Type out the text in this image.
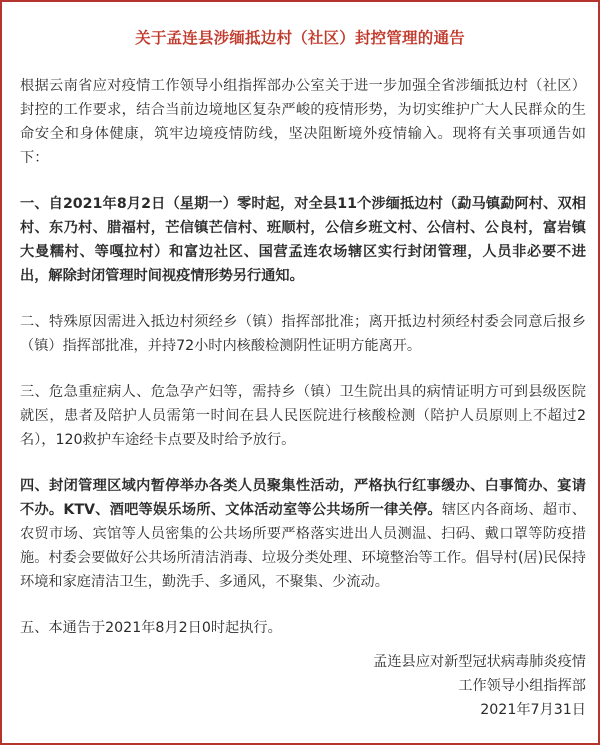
关于孟连县涉缅抵边村（社区）封控管理的通告

根据云南省应对疫情工作领导小组指挥部办公室关于进一步加强全省涉缅抵边村（社区）封控的工作要求，结合当前边境地区复杂严峻的疫情形势，为切实维护广大人民群众的生命安全和身体健康，筑牢边境疫情防线，坚决阻断境外疫情输入。现将有关事项通告如下：

一、自2021年8月2日（星期一）零时起，对全县11个涉缅抵边村（勐马镇勐阿村、双相村、东乃村、腊福村，芒信镇芒信村、班顺村，公信乡班文村、公信村、公良村，富岩镇大曼糯村、等嘎拉村）和富边社区、国营孟连农场辖区实行封闭管理，人员非必要不进出，解除封闭管理时间视疫情形势另行通知。

二、特殊原因需进入抵边村须经乡（镇）指挥部批准；离开抵边村须经村委会同意后报乡（镇）指挥部批准，并持72小时内核酸检测阴性证明方能离开。

三、危急重症病人、危急孕产妇等，需持乡（镇）卫生院出具的病情证明方可到县级医院就医，患者及陪护人员需第一时间在县人民医院进行核酸检测（陪护人员原则上不超过2名），120救护车途经卡点要及时给予放行。

四、封闭管理区域内暂停举办各类人员聚集性活动，严格执行红事缓办、白事简办、宴请不办。KTV、酒吧等娱乐场所、文体活动室等公共场所一律关停。辖区内各商场、超市、农贸市场、宾馆等人员密集的公共场所要严格落实进出人员测温、扫码、戴口罩等防疫措施。村委会要做好公共场所清洁消毒、垃圾分类处理、环境整治等工作。倡导村(居)民保持环境和家庭清洁卫生，勤洗手、多通风，不聚集、少流动。

五、本通告于2021年8月2日0时起执行。

孟连县应对新型冠状病毒肺炎疫情
工作领导小组指挥部
2021年7月31日
